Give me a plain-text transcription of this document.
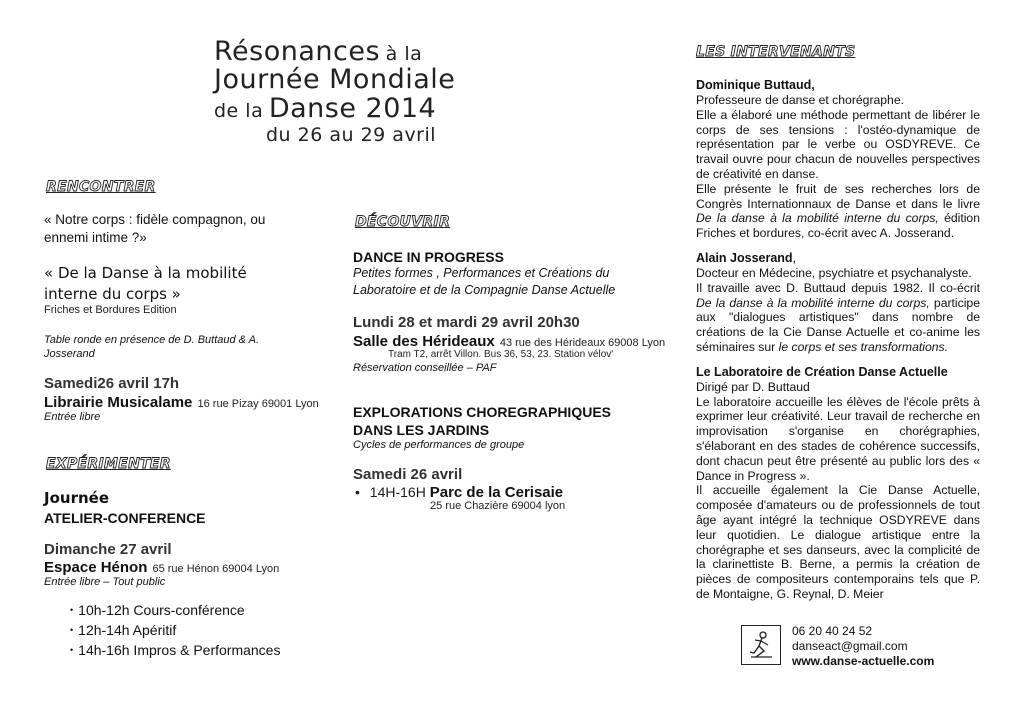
Résonances à la
Journée Mondiale
de la Danse 2014
du 26 au 29 avril
RENCONTRER
« Notre corps : fidèle compagnon, ou
ennemi intime ?»
« De la Danse à la mobilité
interne du corps »
Friches et Bordures Edition
Table ronde en présence de D. Buttaud & A.
Josserand
Samedi26 avril 17h
Librairie Musicalame 16 rue Pizay 69001 Lyon
Entrée libre
EXPÉRIMENTER
Journée
ATELIER-CONFERENCE
Dimanche 27 avril
Espace Hénon 65 rue Hénon 69004 Lyon
Entrée libre – Tout public
• 10h-12h Cours-conférence
• 12h-14h Apéritif
• 14h-16h Impros & Performances
DÉCOUVRIR
DANCE IN PROGRESS
Petites formes , Performances et Créations du
Laboratoire et de la Compagnie Danse Actuelle
Lundi 28 et mardi 29 avril 20h30
Salle des Hérideaux 43 rue des Hérideaux 69008 Lyon
Tram T2, arrêt Villon. Bus 36, 53, 23. Station vélov'
Réservation conseillée – PAF
EXPLORATIONS CHOREGRAPHIQUES
DANS LES JARDINS
Cycles de performances de groupe
Samedi 26 avril
• 14H-16H Parc de la Cerisaie
25 rue Chazière 69004 lyon
LES INTERVENANTS
Dominique Buttaud,

Professeure de danse et chorégraphe.

Elle a élaboré une méthode permettant de libérer le corps de ses tensions : l'ostéo-dynamique de représentation par le verbe ou OSDYREVE. Ce travail ouvre pour chacun de nouvelles perspectives de créativité en danse.

Elle présente le fruit de ses recherches lors de Congrès Internationnaux de Danse et dans le livre De la danse à la mobilité interne du corps, édition Friches et bordures, co-écrit avec A. Josserand.

Alain Josserand,

Docteur en Médecine, psychiatre et psychanalyste.

Il travaille avec D. Buttaud depuis 1982. Il co-écrit De la danse à la mobilité interne du corps, participe aux "dialogues artistiques" dans nombre de créations de la Cie Danse Actuelle et co-anime les séminaires sur le corps et ses transformations.

Le Laboratoire de Création Danse Actuelle

Dirigé par D. Buttaud

Le laboratoire accueille les élèves de l'école prêts à exprimer leur créativité. Leur travail de recherche en improvisation s'organise en chorégraphies, s'élaborant en des stades de cohérence successifs, dont chacun peut être présenté au public lors des « Dance in Progress ».

Il accueille également la Cie Danse Actuelle, composée d'amateurs ou de professionnels de tout âge ayant intégré la technique OSDYREVE dans leur quotidien. Le dialogue artistique entre la chorégraphe et ses danseurs, avec la complicité de la clarinettiste B. Berne, a permis la création de pièces de compositeurs contemporains tels que P. de Montaigne, G. Reynal, D. Meier

06 20 40 24 52
danseact@gmail.com
www.danse-actuelle.com
